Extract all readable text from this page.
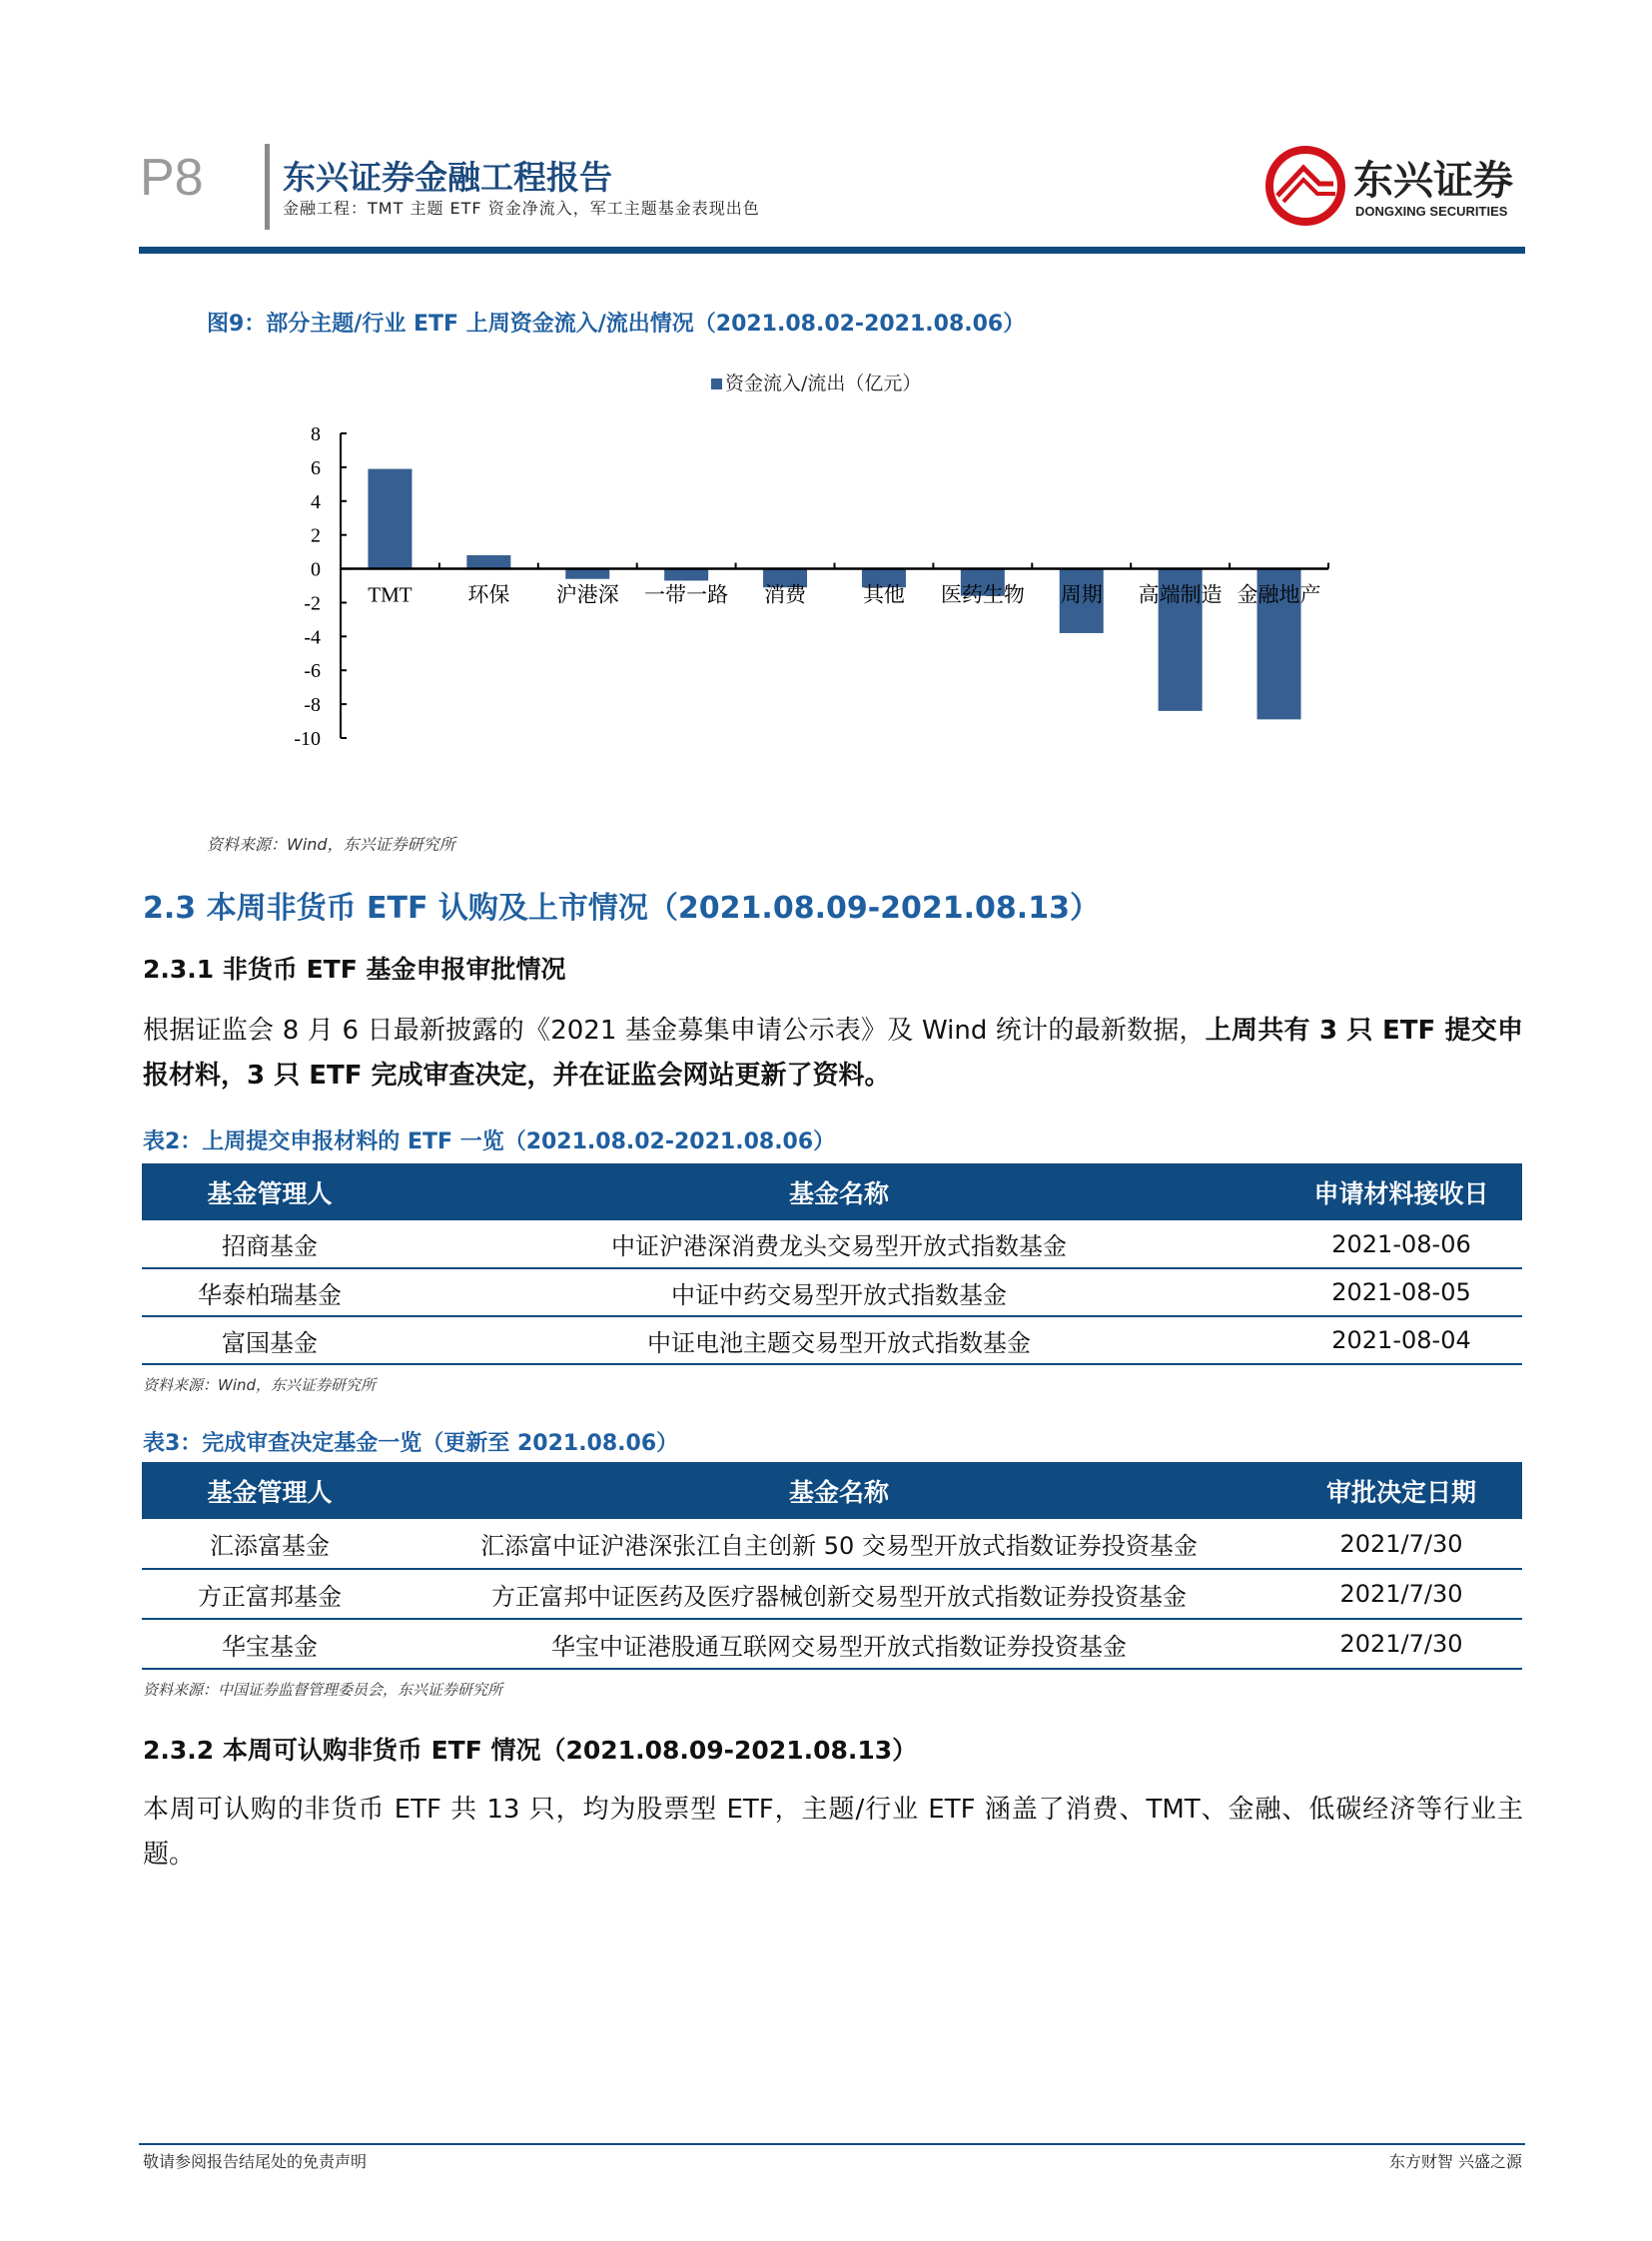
P8 东兴证券金融工程报告
金融工程：TMT 主题 ETF 资金净流入，军工主题基金表现出色
东兴证券
DONGXING SECURITIES
图9：部分主题/行业 ETF 上周资金流入/流出情况（2021.08.02-2021.08.06）
资金流入/流出（亿元）
8
6
4
2
0
-2
-4
-6
-8
-10
TMT	环保 沪港深 一带一路 消费	其他 医药生物 周期 高端制造 金融地产
资料来源：Wind，东兴证券研究所
2.3 本周非货币 ETF 认购及上市情况（2021.08.09-2021.08.13）
2.3.1 非货币 ETF 基金申报审批情况
根据证监会 8 月 6 日最新披露的《2021 基金募集申请公示表》及 Wind 统计的最新数据，上周共有 3 只 ETF 提交申报材料，3 只 ETF 完成审查决定，并在证监会网站更新了资料。
表2：上周提交申报材料的 ETF 一览（2021.08.02-2021.08.06）
基金管理人	基金名称	申请材料接收日
招商基金	中证沪港深消费龙头交易型开放式指数基金	2021-08-06
华泰柏瑞基金	中证中药交易型开放式指数基金	2021-08-05
富国基金	中证电池主题交易型开放式指数基金	2021-08-04
资料来源：Wind，东兴证券研究所
表3：完成审查决定基金一览（更新至 2021.08.06）
基金管理人	基金名称	审批决定日期
汇添富基金	汇添富中证沪港深张江自主创新 50 交易型开放式指数证券投资基金	2021/7/30
方正富邦基金	方正富邦中证医药及医疗器械创新交易型开放式指数证券投资基金	2021/7/30
华宝基金	华宝中证港股通互联网交易型开放式指数证券投资基金	2021/7/30
资料来源：中国证券监督管理委员会，东兴证券研究所
2.3.2 本周可认购非货币 ETF 情况（2021.08.09-2021.08.13）
本周可认购的非货币 ETF 共 13 只，均为股票型 ETF，主题/行业 ETF 涵盖了消费、TMT、金融、低碳经济等行业主题。
敬请参阅报告结尾处的免责声明	东方财智 兴盛之源
